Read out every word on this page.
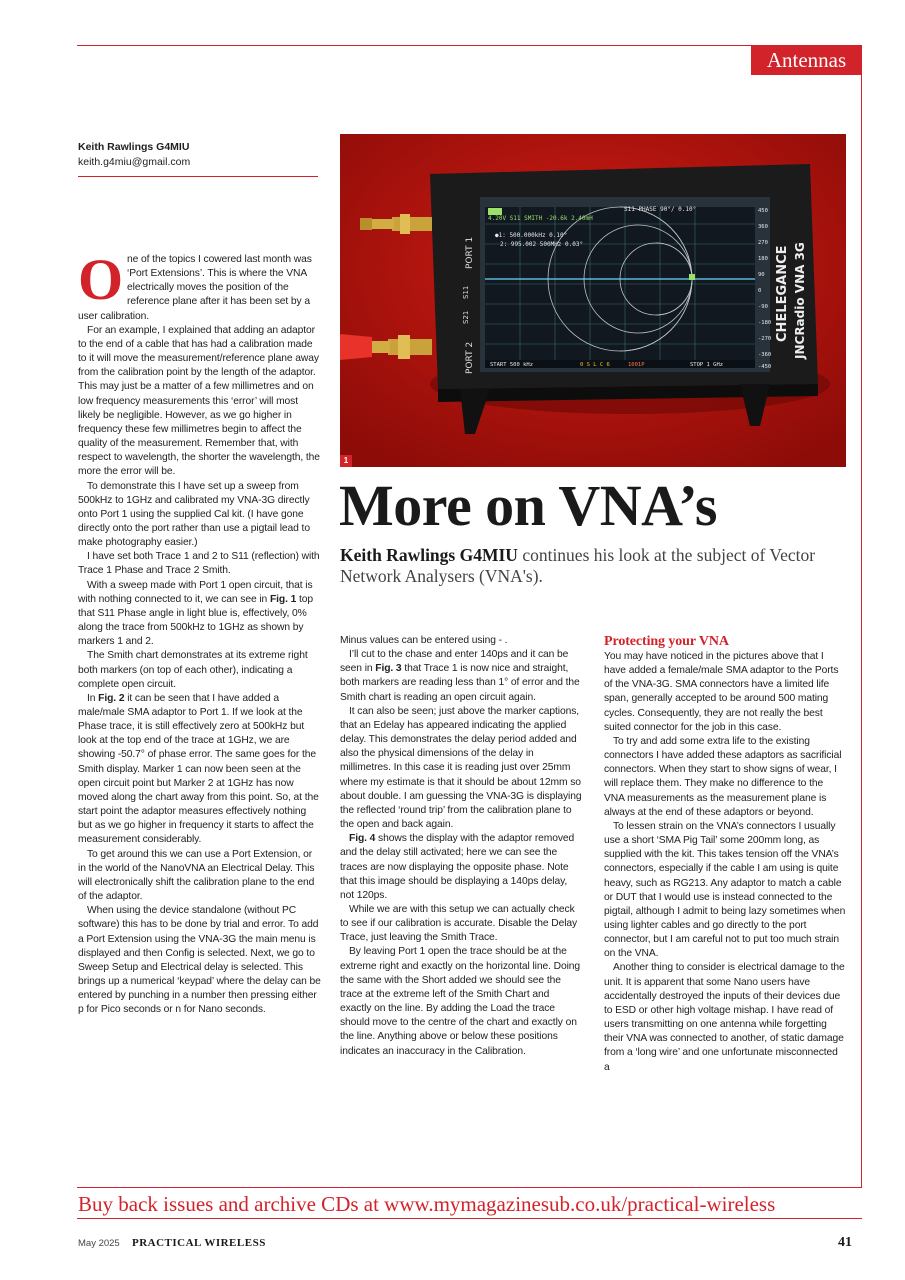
Antennas
Keith Rawlings G4MIU
keith.g4miu@gmail.com

One of the topics I cowered last month was ‘Port Extensions’. This is where the VNA electrically moves the position of the reference plane after it has been set by a user calibration.

For an example, I explained that adding an adaptor to the end of a cable that has had a calibration made to it will move the measurement/reference plane away from the calibration point by the length of the adaptor. This may just be a matter of a few millimetres and on low frequency measurements this ‘error’ will most likely be negligible. However, as we go higher in frequency these few millimetres begin to affect the quality of the measurement. Remember that, with respect to wavelength, the shorter the wavelength, the more the error will be.

To demonstrate this I have set up a sweep from 500kHz to 1GHz and calibrated my VNA-3G directly onto Port 1 using the supplied Cal kit. (I have gone directly onto the port rather than use a pigtail lead to make photography easier.)

I have set both Trace 1 and 2 to S11 (reflection) with Trace 1 Phase and Trace 2 Smith.

With a sweep made with Port 1 open circuit, that is with nothing connected to it, we can see in Fig. 1 top that S11 Phase angle in light blue is, effectively, 0% along the trace from 500kHz to 1GHz as shown by markers 1 and 2.

The Smith chart demonstrates at its extreme right both markers (on top of each other), indicating a complete open circuit.

In Fig. 2 it can be seen that I have added a male/male SMA adaptor to Port 1. If we look at the Phase trace, it is still effectively zero at 500kHz but look at the top end of the trace at 1GHz, we are showing -50.7° of phase error. The same goes for the Smith display. Marker 1 can now been seen at the open circuit point but Marker 2 at 1GHz has now moved along the chart away from this point. So, at the start point the adaptor measures effectively nothing but as we go higher in frequency it starts to affect the measurement considerably.

To get around this we can use a Port Extension, or in the world of the NanoVNA an Electrical Delay. This will electronically shift the calibration plane to the end of the adaptor.

When using the device standalone (without PC software) this has to be done by trial and error. To add a Port Extension using the VNA-3G the main menu is displayed and then Config is selected. Next, we go to Sweep Setup and Electrical delay is selected. This brings up a numerical ‘keypad’ where the delay can be entered by punching in a number then pressing either p for Pico seconds or n for Nano seconds.

4.20V S11 SMITH -20.6k 2.40mH
S11 PHASE 90°/ 0.10°
●1: 500.000kHz 0.10°
2: 995.002 500MHz 0.03°
START 500 kHz	0 S L C 6	1001P	STOP 1 GHz
450
360
270
180
90
0
-90
-180
-270
-360
-450
PORT 1
PORT 2
S11
S21	CHELEGANCE JNCRadio VNA 3G
1
More on VNA’s
Keith Rawlings G4MIU continues his look at the subject of Vector Network Analysers (VNA's).

Minus values can be entered using - .

I’ll cut to the chase and enter 140ps and it can be seen in Fig. 3 that Trace 1 is now nice and straight, both markers are reading less than 1° of error and the Smith chart is reading an open circuit again.

It can also be seen; just above the marker captions, that an Edelay has appeared indicating the applied delay. This demonstrates the delay period added and also the physical dimensions of the delay in millimetres. In this case it is reading just over 25mm where my estimate is that it should be about 12mm so about double. I am guessing the VNA-3G is displaying the reflected ‘round trip’ from the calibration plane to the open and back again.

Fig. 4 shows the display with the adaptor removed and the delay still activated; here we can see the traces are now displaying the opposite phase. Note that this image should be displaying a 140ps delay, not 120ps.

While we are with this setup we can actually check to see if our calibration is accurate. Disable the Delay Trace, just leaving the Smith Trace.

By leaving Port 1 open the trace should be at the extreme right and exactly on the horizontal line. Doing the same with the Short added we should see the trace at the extreme left of the Smith Chart and exactly on the line. By adding the Load the trace should move to the centre of the chart and exactly on the line. Anything above or below these positions indicates an inaccuracy in the Calibration.

Protecting your VNA

You may have noticed in the pictures above that I have added a female/male SMA adaptor to the Ports of the VNA-3G. SMA connectors have a limited life span, generally accepted to be around 500 mating cycles. Consequently, they are not really the best suited connector for the job in this case.

To try and add some extra life to the existing connectors I have added these adaptors as sacrificial connectors. When they start to show signs of wear, I will replace them. They make no difference to the VNA measurements as the measurement plane is always at the end of these adaptors or beyond.

To lessen strain on the VNA’s connectors I usually use a short ‘SMA Pig Tail’ some 200mm long, as supplied with the kit. This takes tension off the VNA’s connectors, especially if the cable I am using is quite heavy, such as RG213. Any adaptor to match a cable or DUT that I would use is instead connected to the pigtail, although I admit to being lazy sometimes when using lighter cables and go directly to the port connector, but I am careful not to put too much strain on the VNA.

Another thing to consider is electrical damage to the unit. It is apparent that some Nano users have accidentally destroyed the inputs of their devices due to ESD or other high voltage mishap. I have read of users transmitting on one antenna while forgetting their VNA was connected to another, of static damage from a ‘long wire’ and one unfortunate misconnected a

Buy back issues and archive CDs at www.mymagazinesub.co.uk/practical-wireless
May 2025 PRACTICAL WIRELESS	41
